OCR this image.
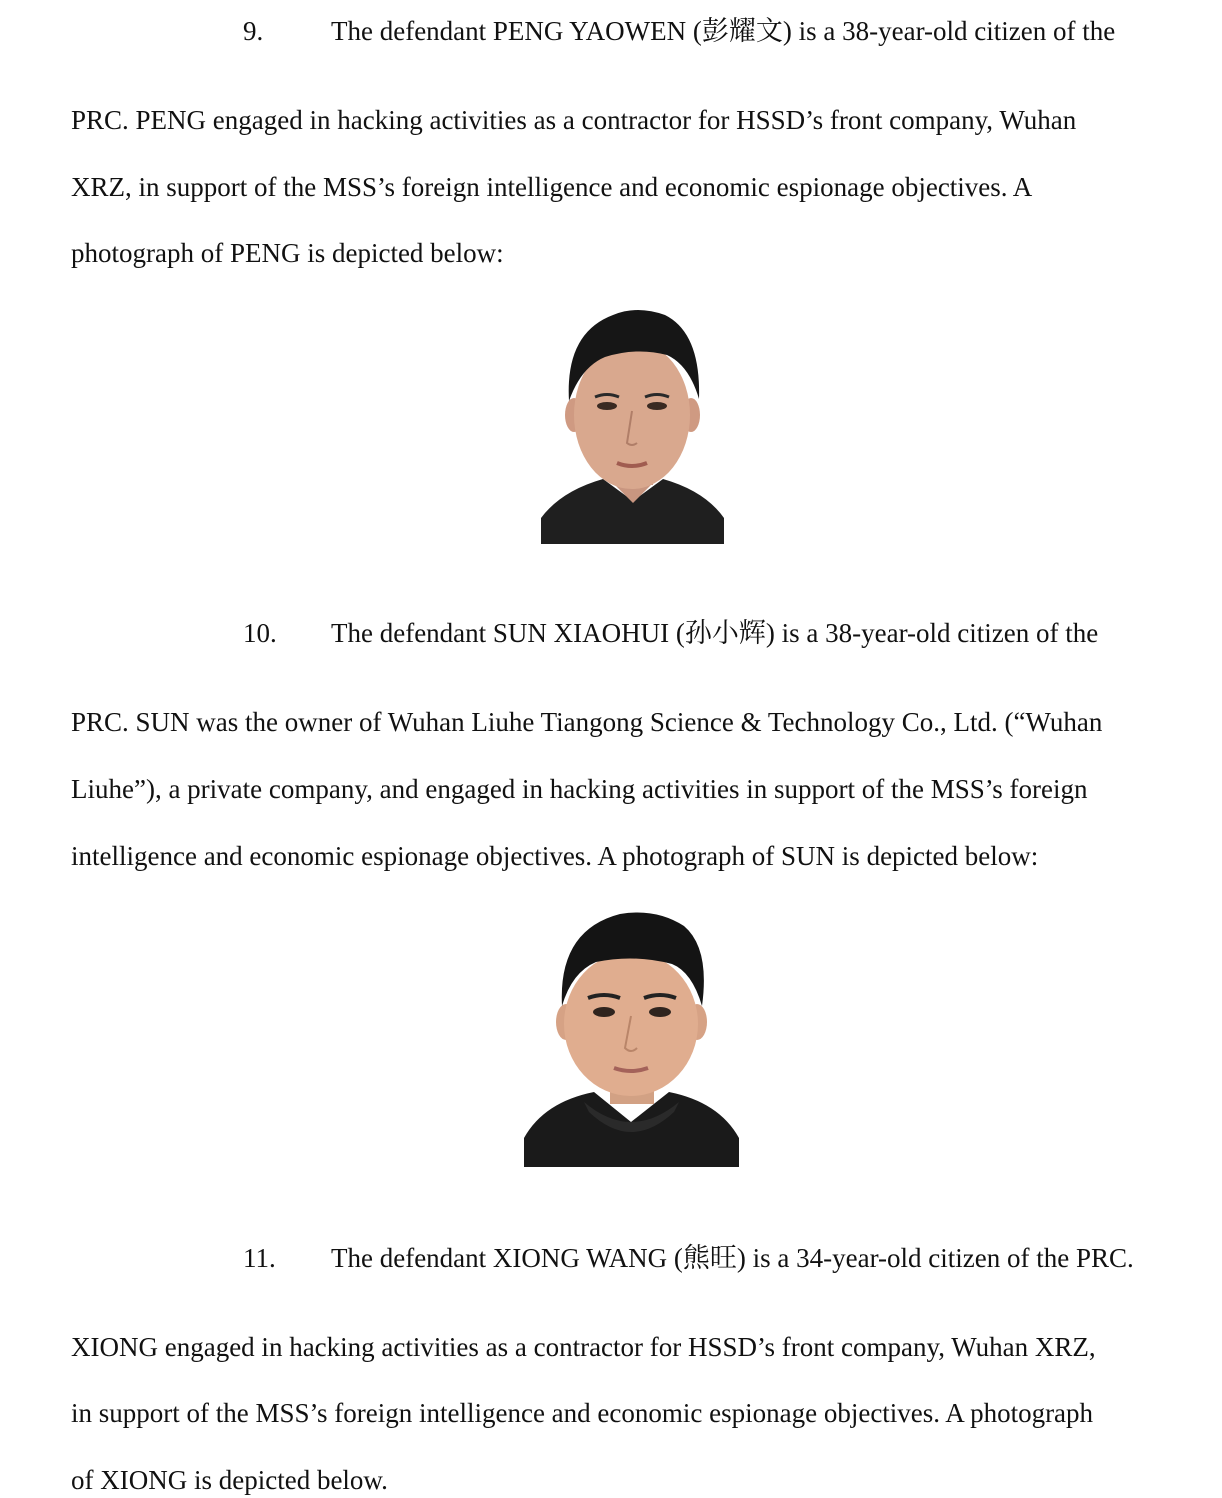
9.	The defendant PENG YAOWEN (彭耀文) is a 38-year-old citizen of the
PRC. PENG engaged in hacking activities as a contractor for HSSD’s front company, Wuhan
XRZ, in support of the MSS’s foreign intelligence and economic espionage objectives. A
photograph of PENG is depicted below:
10. The defendant SUN XIAOHUI (孙小辉) is a 38-year-old citizen of the
PRC. SUN was the owner of Wuhan Liuhe Tiangong Science & Technology Co., Ltd. (“Wuhan
Liuhe”), a private company, and engaged in hacking activities in support of the MSS’s foreign
intelligence and economic espionage objectives. A photograph of SUN is depicted below:
11. The defendant XIONG WANG (熊旺) is a 34-year-old citizen of the PRC.
XIONG engaged in hacking activities as a contractor for HSSD’s front company, Wuhan XRZ,
in support of the MSS’s foreign intelligence and economic espionage objectives. A photograph
of XIONG is depicted below.
